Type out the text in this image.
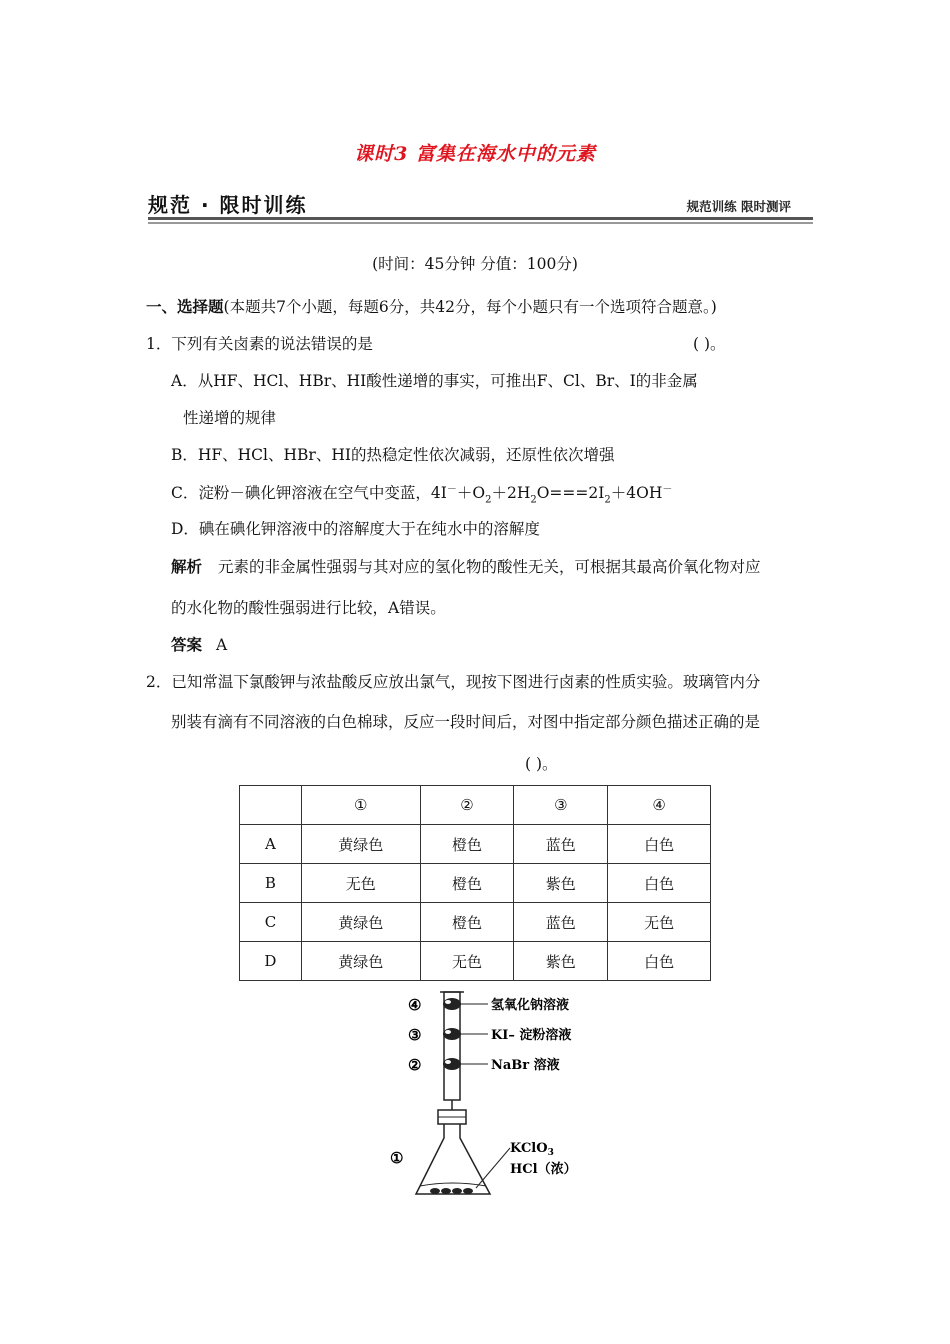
课时3 富集在海水中的元素
规范 · 限时训练	规范训练 限时测评
(时间：45分钟 分值：100分)
一、选择题(本题共7个小题，每题6分，共42分，每个小题只有一个选项符合题意。)
1．下列有关卤素的说法错误的是	( )。
A．从HF、HCl、HBr、HI酸性递增的事实，可推出F、Cl、Br、I的非金属
性递增的规律
B．HF、HCl、HBr、HI的热稳定性依次减弱，还原性依次增强
C．淀粉－碘化钾溶液在空气中变蓝，$4I^-+O_2+2H_2O===2I_2+4OH^-$
D．碘在碘化钾溶液中的溶解度大于在纯水中的溶解度
解析 元素的非金属性强弱与其对应的氢化物的酸性无关，可根据其最高价氧化物对应
的水化物的酸性强弱进行比较，A错误。
答案 A
2．已知常温下氯酸钾与浓盐酸反应放出氯气，现按下图进行卤素的性质实验。玻璃管内分
别装有滴有不同溶液的白色棉球，反应一段时间后，对图中指定部分颜色描述正确的是
( )。
	①	②	③	④
A	黄绿色	橙色	蓝色	白色
B	无色	橙色	紫色	白色
C	黄绿色	橙色	蓝色	无色
D	黄绿色	无色	紫色	白色
④
③
②
①
氢氧化钠溶液
KI– 淀粉溶液
NaBr 溶液
KClO$_3$
HCl（浓）
